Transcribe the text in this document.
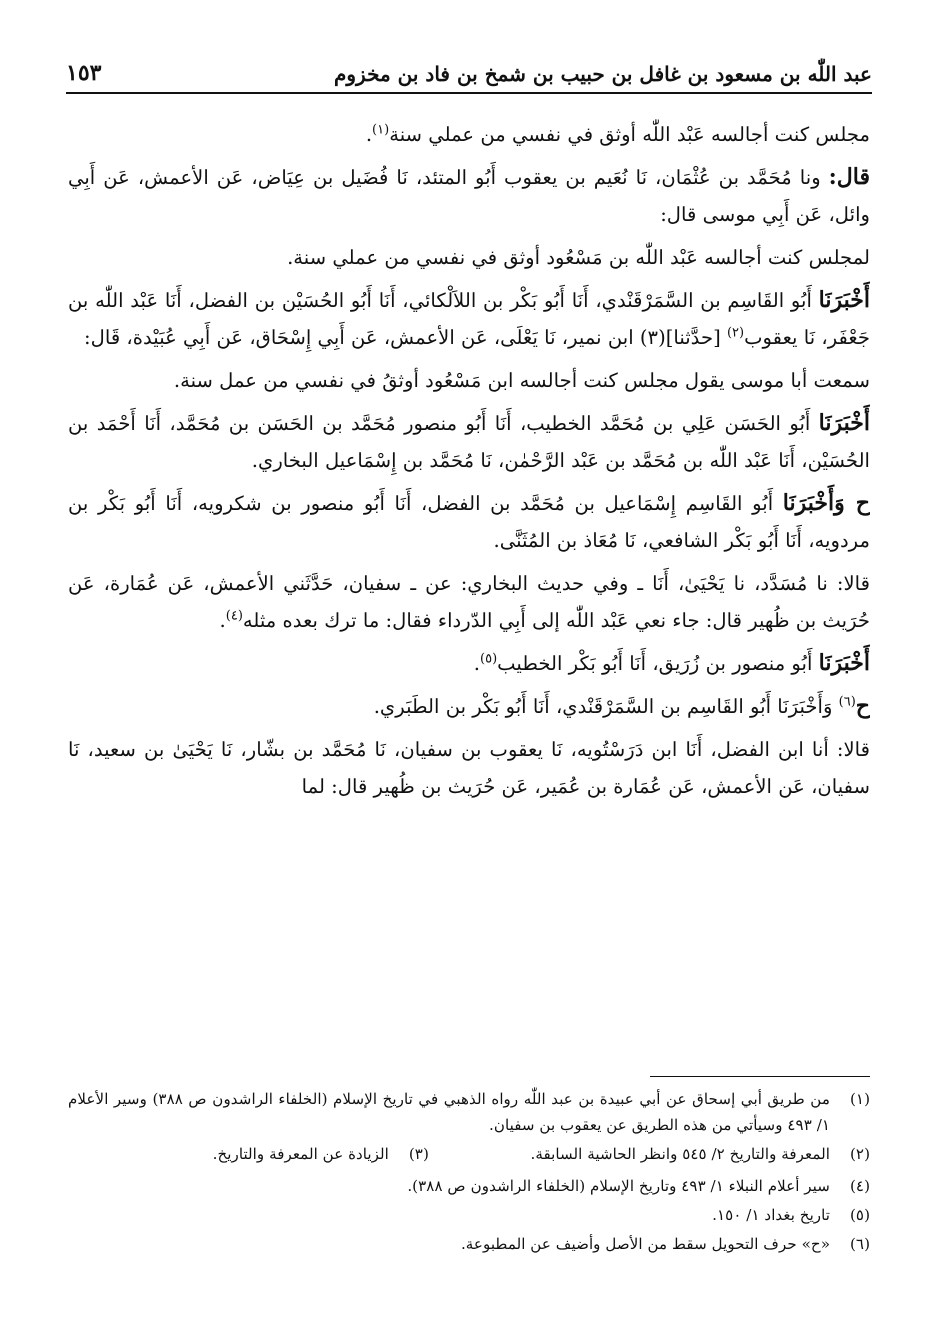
عبد اللّٰه بن مسعود بن غافل بن حبيب بن شمخ بن فاد بن مخزوم
١٥٣

مجلس كنت أجالسه عَبْد اللّٰه أوثق في نفسي من عملي سنة$^{(١)}$.

قال: ونا مُحَمَّد بن عُثْمَان، نَا نُعَيم بن يعقوب أَبُو المتئد، نَا فُضَيل بن عِيَاض، عَن الأعمش، عَن أَبِي وائل، عَن أَبِي موسى قال:

لمجلس كنت أجالسه عَبْد اللّٰه بن مَسْعُود أوثق في نفسي من عملي سنة.

أَخْبَرَنَا أَبُو القَاسِم بن السَّمَرْقَنْدي، أَنَا أَبُو بَكْر بن اللاَلْكائي، أَنَا أَبُو الحُسَيْن بن الفضل، أَنَا عَبْد اللّٰه بن جَعْفَر، نَا يعقوب$^{(٢)}$ [حدَّثنا](٣) ابن نمير، نَا يَعْلَى، عَن الأعمش، عَن أَبِي إِسْحَاق، عَن أَبِي عُبَيْدة، قَال:

سمعت أبا موسى يقول مجلس كنت أجالسه ابن مَسْعُود أوثقُ في نفسي من عمل سنة.

أَخْبَرَنَا أَبُو الحَسَن عَلِي بن مُحَمَّد الخطيب، أَنَا أَبُو منصور مُحَمَّد بن الحَسَن بن مُحَمَّد، أَنَا أَحْمَد بن الحُسَيْن، أَنَا عَبْد اللّٰه بن مُحَمَّد بن عَبْد الرَّحْمٰن، نَا مُحَمَّد بن إِسْمَاعيل البخاري.

ح وَأَخْبَرَنَا أَبُو القَاسِم إِسْمَاعيل بن مُحَمَّد بن الفضل، أَنَا أَبُو منصور بن شكرويه، أَنَا أَبُو بَكْر بن مردويه، أَنَا أَبُو بَكْر الشافعي، نَا مُعَاذ بن المُثَنَّى.

قالا: نا مُسَدَّد، نا يَحْيَىٰ، أَنَا ـ وفي حديث البخاري: عن ـ سفيان، حَدَّثَني الأعمش، عَن عُمَارة، عَن حُرَيث بن ظُهير قال: جاء نعي عَبْد اللّٰه إلى أَبِي الدّرداء فقال: ما ترك بعده مثله$^{(٤)}$.

أَخْبَرَنَا أَبُو منصور بن زُرَيق، أَنَا أَبُو بَكْر الخطيب$^{(٥)}$.

ح$^{(٦)}$ وَأَخْبَرَنَا أَبُو القَاسِم بن السَّمَرْقَنْدي، أَنَا أَبُو بَكْر بن الطَبَري.

قالا: أنا ابن الفضل، أَنَا ابن دَرَسْتُويه، نَا يعقوب بن سفيان، نَا مُحَمَّد بن بشّار، نَا يَحْيَىٰ بن سعيد، نَا سفيان، عَن الأعمش، عَن عُمَارة بن عُمَير، عَن حُرَيث بن ظُهير قال: لما

(١)
من طريق أبي إسحاق عن أبي عبيدة بن عبد اللّٰه رواه الذهبي في تاريخ الإسلام (الخلفاء الراشدون ص ٣٨٨) وسير الأعلام ١/ ٤٩٣ وسيأتي من هذه الطريق عن يعقوب بن سفيان.
(٢)
المعرفة والتاريخ ٢/ ٥٤٥ وانظر الحاشية السابقة.
(٣)
الزيادة عن المعرفة والتاريخ.
(٤)
سير أعلام النبلاء ١/ ٤٩٣ وتاريخ الإسلام (الخلفاء الراشدون ص ٣٨٨).
(٥)
تاريخ بغداد ١/ ١٥٠.
(٦)
«ح» حرف التحويل سقط من الأصل وأضيف عن المطبوعة.
